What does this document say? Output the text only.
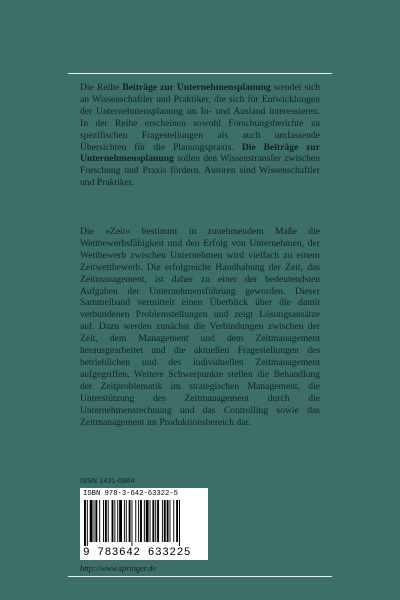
Die Reihe Beiträge zur Unternehmensplanung wendet sich an Wissenschaftler und Praktiker, die sich für Entwicklungen der Unternehmensplanung im In- und Ausland interessieren. In der Reihe erscheinen sowohl Forschungsberichte zu spezifischen Fragestellungen als auch umfassende Übersichten für die Planungspraxis. Die Beiträge zur Unternehmensplanung sollen den Wissenstransfer zwischen Forschung und Praxis fördern. Autoren sind Wissenschaftler und Praktiker.

Die »Zeit« bestimmt in zunehmendem Maße die Wettbewerbsfähigkeit und den Erfolg von Unternehmen, der Wettbewerb zwischen Unternehmen wird vielfach zu einem Zeitwettbewerb. Die erfolgreiche Handhabung der Zeit, das Zeitmanagement, ist daher zu einer der bedeutendsten Aufgaben der Unternehmensführung geworden. Dieser Sammelband vermittelt einen Überblick über die damit verbundenen Problemstellungen und zeigt Lösungsansätze auf. Dazu werden zunächst die Verbindungen zwischen der Zeit, dem Management und dem Zeitmanagement herausgearbeitet und die aktuellen Fragestellungen des betrieblichen und des individuellen Zeitmanagement aufgegriffen. Weitere Schwerpunkte stellen die Behandlung der Zeitproblematik im strategischen Management, die Unterstützung des Zeitmanagement durch die Unternehmensrechnung und das Controlling sowie das Zeitmanagement im Produktionsbereich dar.

ISSN 1431-0864
ISBN 978-3-642-63322-5
9 783642 633225
http://www.springer.de
